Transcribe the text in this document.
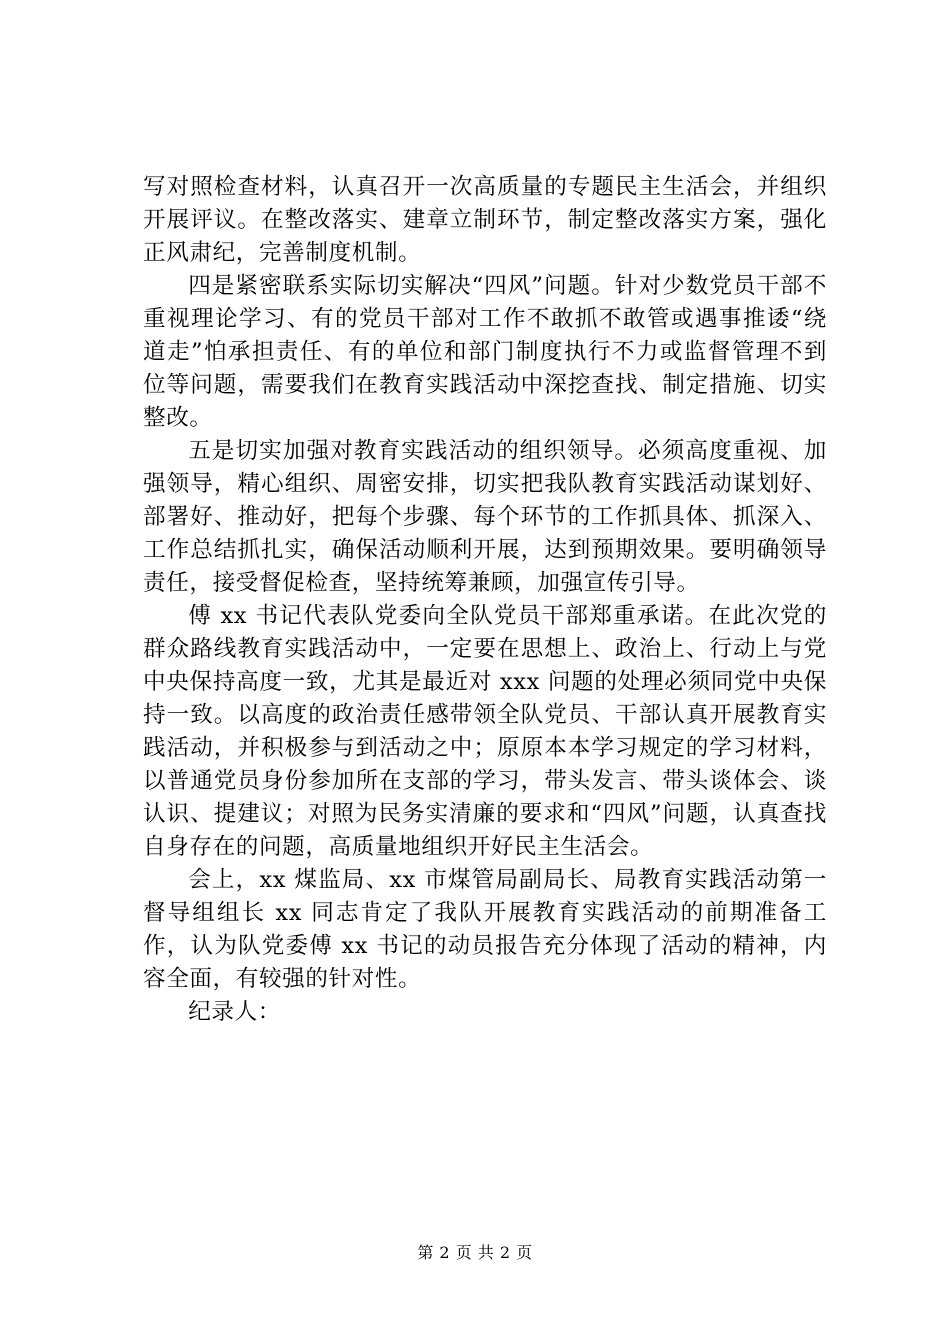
写对照检查材料，认真召开一次高质量的专题民主生活会，并组织开展评议。在整改落实、建章立制环节，制定整改落实方案，强化正风肃纪，完善制度机制。

四是紧密联系实际切实解决“四风”问题。针对少数党员干部不重视理论学习、有的党员干部对工作不敢抓不敢管或遇事推诿“绕道走”怕承担责任、有的单位和部门制度执行不力或监督管理不到位等问题，需要我们在教育实践活动中深挖查找、制定措施、切实整改。

五是切实加强对教育实践活动的组织领导。必须高度重视、加强领导，精心组织、周密安排，切实把我队教育实践活动谋划好、部署好、推动好，把每个步骤、每个环节的工作抓具体、抓深入、工作总结抓扎实，确保活动顺利开展，达到预期效果。要明确领导责任，接受督促检查，坚持统筹兼顾，加强宣传引导。

傅 xx 书记代表队党委向全队党员干部郑重承诺。在此次党的群众路线教育实践活动中，一定要在思想上、政治上、行动上与党中央保持高度一致，尤其是最近对 xxx 问题的处理必须同党中央保持一致。以高度的政治责任感带领全队党员、干部认真开展教育实践活动，并积极参与到活动之中；原原本本学习规定的学习材料，以普通党员身份参加所在支部的学习，带头发言、带头谈体会、谈认识、提建议；对照为民务实清廉的要求和“四风”问题，认真查找自身存在的问题，高质量地组织开好民主生活会。

会上，xx 煤监局、xx 市煤管局副局长、局教育实践活动第一督导组组长 xx 同志肯定了我队开展教育实践活动的前期准备工作，认为队党委傅 xx 书记的动员报告充分体现了活动的精神，内容全面，有较强的针对性。

纪录人：

第 2 页 共 2 页
